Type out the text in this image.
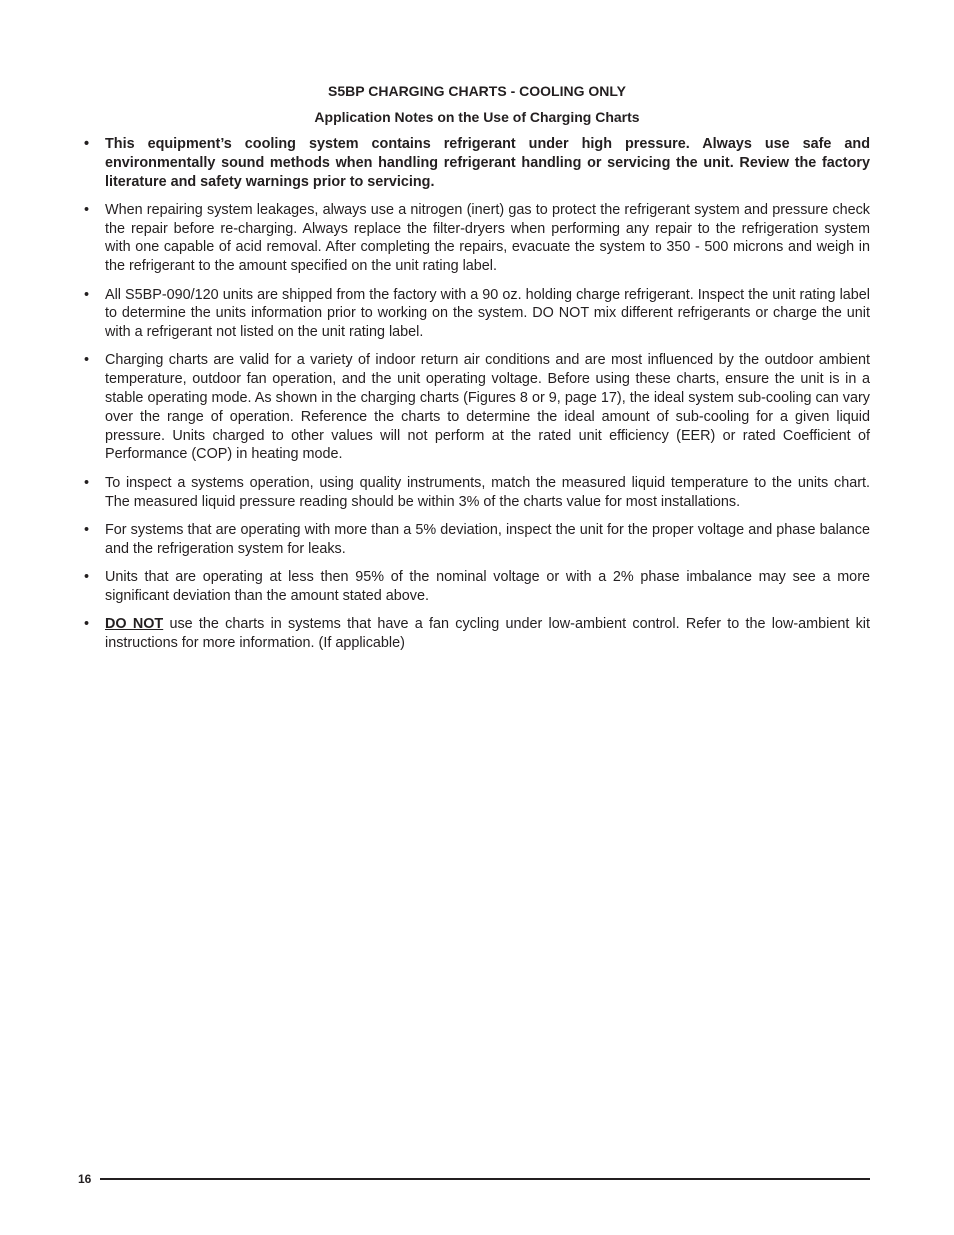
S5BP CHARGING CHARTS - COOLING ONLY
Application Notes on the Use of Charging Charts
• This equipment’s cooling system contains refrigerant under high pressure. Always use safe and environmentally sound methods when handling refrigerant handling or servicing the unit. Review the factory literature and safety warnings prior to servicing.
• When repairing system leakages, always use a nitrogen (inert) gas to protect the refrigerant system and pressure check the repair before re-charging. Always replace the filter-dryers when performing any repair to the refrigeration system with one capable of acid removal. After completing the repairs, evacuate the system to 350 - 500 microns and weigh in the refrigerant to the amount specified on the unit rating label.
• All S5BP-090/120 units are shipped from the factory with a 90 oz. holding charge refrigerant. Inspect the unit rating label to determine the units information prior to working on the system. DO NOT mix different refrigerants or charge the unit with a refrigerant not listed on the unit rating label.
• Charging charts are valid for a variety of indoor return air conditions and are most influenced by the outdoor ambient temperature, outdoor fan operation, and the unit operating voltage. Before using these charts, ensure the unit is in a stable operating mode. As shown in the charging charts (Figures 8 or 9, page 17), the ideal system sub-cooling can vary over the range of operation. Reference the charts to determine the ideal amount of sub-cooling for a given liquid pressure. Units charged to other values will not perform at the rated unit efficiency (EER) or rated Coefficient of Performance (COP) in heating mode.
• To inspect a systems operation, using quality instruments, match the measured liquid temperature to the units chart. The measured liquid pressure reading should be within 3% of the charts value for most installations.
• For systems that are operating with more than a 5% deviation, inspect the unit for the proper voltage and phase balance and the refrigeration system for leaks.
• Units that are operating at less then 95% of the nominal voltage or with a 2% phase imbalance may see a more significant deviation than the amount stated above.
• DO NOT use the charts in systems that have a fan cycling under low-ambient control. Refer to the low-ambient kit instructions for more information. (If applicable)
16
